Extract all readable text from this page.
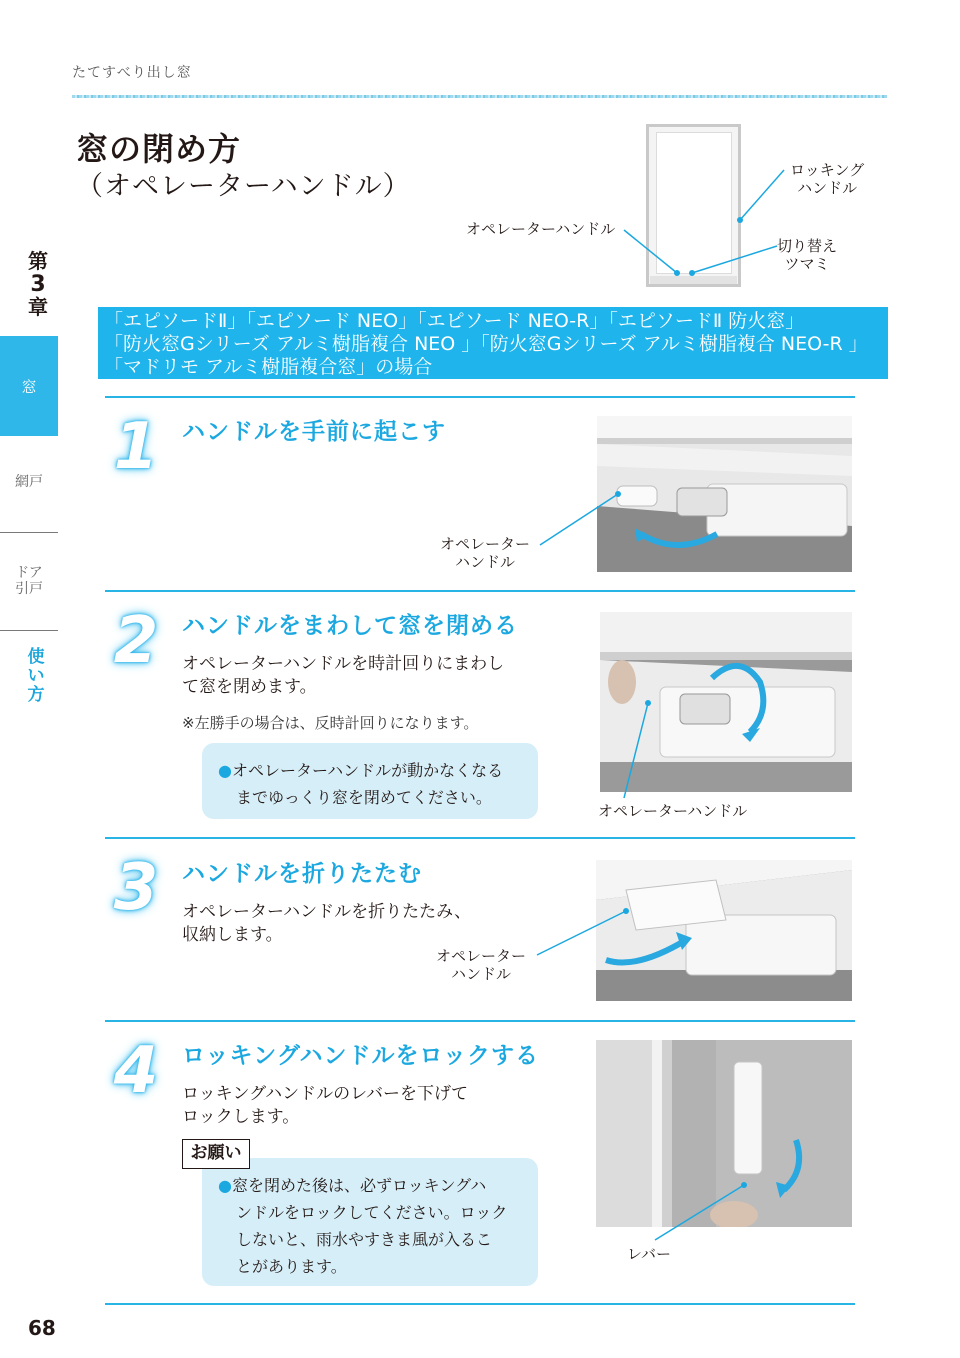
たてすべり出し窓
窓の閉め方
（オペレーターハンドル）
第
3
章
窓
網戸
ドア
引戸
使
い
方
ロッキング
ハンドル
オペレーターハンドル
切り替え
ツマミ
「エピソードⅡ」「エピソード NEO」「エピソード NEO-R」「エピソードⅡ 防火窓」
「防火窓Gシリーズ アルミ樹脂複合 NEO 」「防火窓Gシリーズ アルミ樹脂複合 NEO-R 」
「マドリモ アルミ樹脂複合窓」の場合
1 ハンドルを手前に起こす
オペレーター
ハンドル
2 ハンドルをまわして窓を閉める
オペレーターハンドルを時計回りにまわし
て窓を閉めます。
※左勝手の場合は、反時計回りになります。
●オペレーターハンドルが動かなくなる
までゆっくり窓を閉めてください。
オペレーターハンドル
3 ハンドルを折りたたむ
オペレーターハンドルを折りたたみ、
収納します。
オペレーター
ハンドル
4 ロッキングハンドルをロックする
ロッキングハンドルのレバーを下げて
ロックします。
お願い
●窓を閉めた後は、必ずロッキングハ
ンドルをロックしてください。ロック
しないと、雨水やすきま風が入るこ
とがあります。
レバー
68
